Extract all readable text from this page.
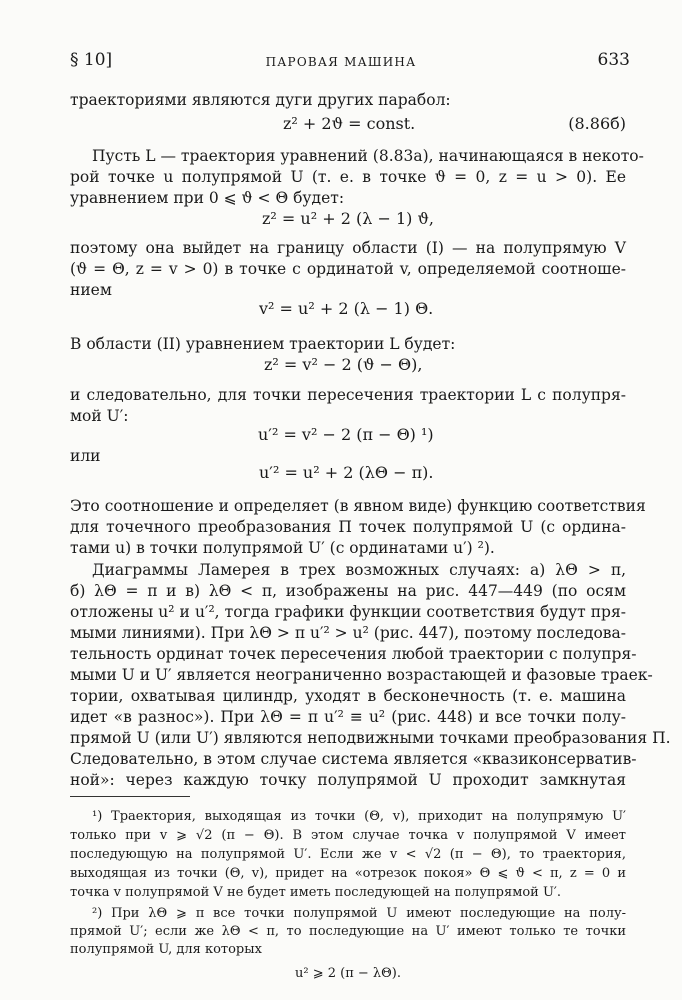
§ 10]	ПАРОВАЯ МАШИНА	633
траекториями являются дуги других парабол:
z² + 2ϑ = const.	(8.86б)
Пусть L — траектория уравнений (8.83а), начинающаяся в некото-
рой точке u полупрямой U (т. е. в точке ϑ = 0, z = u > 0). Ее
уравнением при 0 ⩽ ϑ < Θ будет:
z² = u² + 2 (λ − 1) ϑ,
поэтому она выйдет на границу области (I) — на полупрямую V
(ϑ = Θ, z = v > 0) в точке с ординатой v, определяемой соотноше-
нием
v² = u² + 2 (λ − 1) Θ.
В области (II) уравнением траектории L будет:
z² = v² − 2 (ϑ − Θ),
и следовательно, для точки пересечения траектории L с полупря-
мой U′:
u′² = v² − 2 (π − Θ) ¹)
или
u′² = u² + 2 (λΘ − π).
Это соотношение и определяет (в явном виде) функцию соответствия
для точечного преобразования П точек полупрямой U (с ордина-
тами u) в точки полупрямой U′ (с ординатами u′) ²).
Диаграммы Ламерея в трех возможных случаях: а) λΘ > π,
б) λΘ = π и в) λΘ < π, изображены на рис. 447—449 (по осям
отложены u² и u′², тогда графики функции соответствия будут пря-
мыми линиями). При λΘ > π u′² > u² (рис. 447), поэтому последова-
тельность ординат точек пересечения любой траектории с полупря-
мыми U и U′ является неограниченно возрастающей и фазовые траек-
тории, охватывая цилиндр, уходят в бесконечность (т. е. машина
идет «в разнос»). При λΘ = π u′² ≡ u² (рис. 448) и все точки полу-
прямой U (или U′) являются неподвижными точками преобразования П.
Следовательно, в этом случае система является «квазиконсерватив-
ной»: через каждую точку полупрямой U проходит замкнутая
¹) Траектория, выходящая из точки (Θ, v), приходит на полупрямую U′
только при v ⩾ √2 (π − Θ). В этом случае точка v полупрямой V имеет
последующую на полупрямой U′. Если же v < √2 (π − Θ), то траектория,
выходящая из точки (Θ, v), придет на «отрезок покоя» Θ ⩽ ϑ < π, z = 0 и
точка v полупрямой V не будет иметь последующей на полупрямой U′.
²) При λΘ ⩾ π все точки полупрямой U имеют последующие на полу-
прямой U′; если же λΘ < π, то последующие на U′ имеют только те точки
полупрямой U, для которых
u² ⩾ 2 (π − λΘ).
